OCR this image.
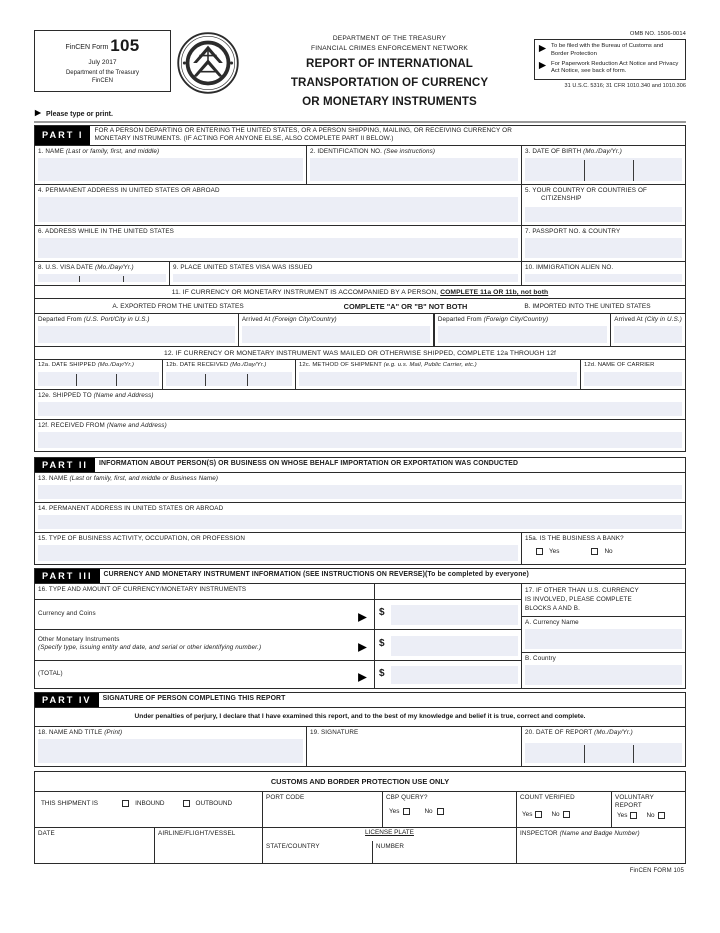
FinCEN Form 105
July 2017
Department of the Treasury
FinCEN
DEPARTMENT OF THE TREASURY
FINANCIAL CRIMES ENFORCEMENT NETWORK
REPORT OF INTERNATIONAL
TRANSPORTATION OF CURRENCY
OR MONETARY INSTRUMENTS
OMB NO. 1506-0014
To be filed with the Bureau of Customs and Border Protection
For Paperwork Reduction Act Notice and Privacy Act Notice, see back of form.
31 U.S.C. 5316; 31 CFR 1010.340 and 1010.306
Please type or print.
PART I	FOR A PERSON DEPARTING OR ENTERING THE UNITED STATES, OR A PERSON SHIPPING, MAILING, OR RECEIVING CURRENCY OR
MONETARY INSTRUMENTS. (IF ACTING FOR ANYONE ELSE, ALSO COMPLETE PART II BELOW.)
1. NAME (Last or family, first, and middle)	2. IDENTIFICATION NO. (See instructions)	3. DATE OF BIRTH (Mo./Day/Yr.)
4. PERMANENT ADDRESS IN UNITED STATES OR ABROAD	5. YOUR COUNTRY OR COUNTRIES OF
CITIZENSHIP
6. ADDRESS WHILE IN THE UNITED STATES	7. PASSPORT NO. & COUNTRY
8. U.S. VISA DATE (Mo./Day/Yr.)	9. PLACE UNITED STATES VISA WAS ISSUED	10. IMMIGRATION ALIEN NO.
11. IF CURRENCY OR MONETARY INSTRUMENT IS ACCOMPANIED BY A PERSON, COMPLETE 11a OR 11b, not both
A. EXPORTED FROM THE UNITED STATES	COMPLETE "A" OR "B" NOT BOTH	B. IMPORTED INTO THE UNITED STATES
Departed From (U.S. Port/City in U.S.)	Arrived At (Foreign City/Country)	Departed From (Foreign City/Country)	Arrived At (City in U.S.)
12. IF CURRENCY OR MONETARY INSTRUMENT WAS MAILED OR OTHERWISE SHIPPED, COMPLETE 12a THROUGH 12f
12a. DATE SHIPPED (Mo./Day/Yr.)	12b. DATE RECEIVED (Mo./Day/Yr.)	12c. METHOD OF SHIPMENT (e.g. u.s. Mail, Public Carrier, etc.)	12d. NAME OF CARRIER
12e. SHIPPED TO (Name and Address)
12f. RECEIVED FROM (Name and Address)
PART II	INFORMATION ABOUT PERSON(S) OR BUSINESS ON WHOSE BEHALF IMPORTATION OR EXPORTATION WAS CONDUCTED
13. NAME (Last or family, first, and middle or Business Name)
14. PERMANENT ADDRESS IN UNITED STATES OR ABROAD
15. TYPE OF BUSINESS ACTIVITY, OCCUPATION, OR PROFESSION	15a. IS THE BUSINESS A BANK?
Yes	No
PART III	CURRENCY AND MONETARY INSTRUMENT INFORMATION (SEE INSTRUCTIONS ON REVERSE)(To be completed by everyone)
16. TYPE AND AMOUNT OF CURRENCY/MONETARY INSTRUMENTS
Currency and Coins	$
Other Monetary Instruments
(Specify type, issuing entity and date, and serial or other identifying number.)	$
(TOTAL)	$
17. IF OTHER THAN U.S. CURRENCY
IS INVOLVED, PLEASE COMPLETE
BLOCKS A AND B.
A. Currency Name
B. Country
PART IV	SIGNATURE OF PERSON COMPLETING THIS REPORT
Under penalties of perjury, I declare that I have examined this report, and to the best of my knowledge and belief it is true, correct and complete.
18. NAME AND TITLE (Print)	19. SIGNATURE	20. DATE OF REPORT (Mo./Day/Yr.)
CUSTOMS AND BORDER PROTECTION USE ONLY
THIS SHIPMENT IS	INBOUND	OUTBOUND
PORT CODE	CBP QUERY?
Yes	No
COUNT VERIFIED
Yes	No
VOLUNTARY
REPORT
Yes	No
DATE	AIRLINE/FLIGHT/VESSEL	LICENSE PLATE
STATE/COUNTRY	NUMBER
INSPECTOR (Name and Badge Number)
FinCEN FORM 105
